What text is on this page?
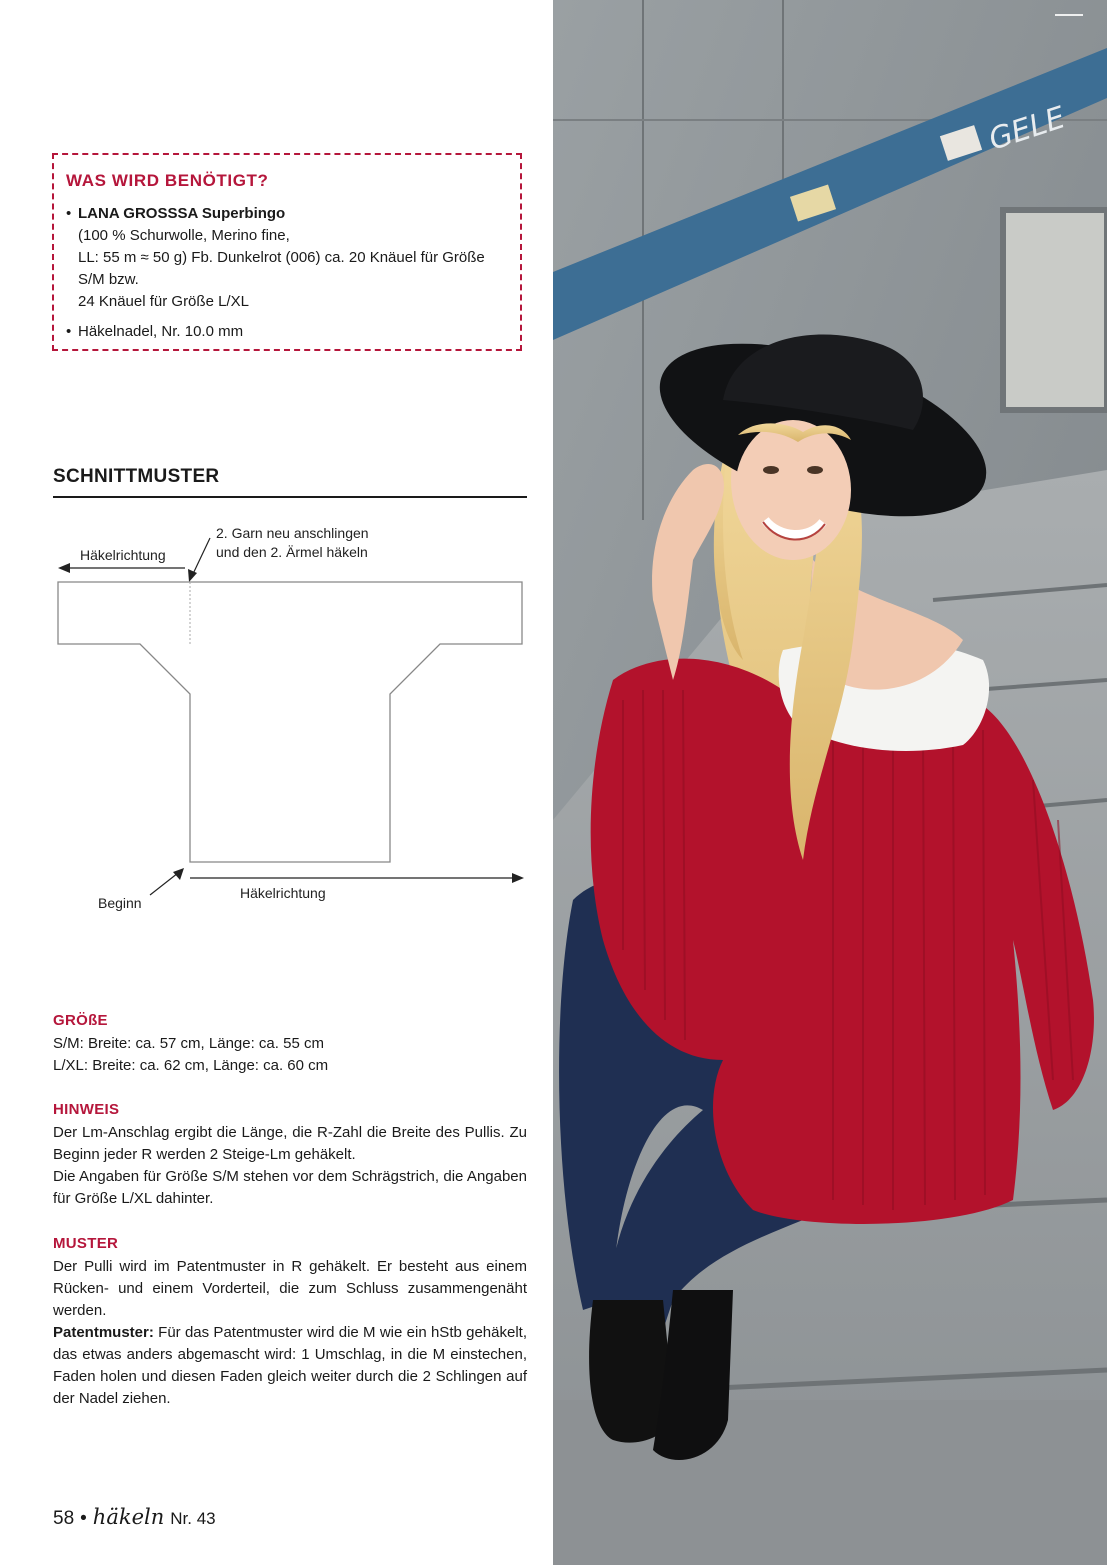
WAS WIRD BENÖTIGT?
• LANA GROSSSA Superbingo
(100 % Schurwolle, Merino fine,
LL: 55 m ≈ 50 g) Fb. Dunkelrot (006) ca. 20 Knäuel für Größe S/M bzw.
24 Knäuel für Größe L/XL
• Häkelnadel, Nr. 10.0 mm
SCHNITTMUSTER
Häkelrichtung
2. Garn neu anschlingen
und den 2. Ärmel häkeln
Beginn
Häkelrichtung
GRÖßE

S/M: Breite: ca. 57 cm, Länge: ca. 55 cm

L/XL: Breite: ca. 62 cm, Länge: ca. 60 cm

HINWEIS

Der Lm-Anschlag ergibt die Länge, die R-Zahl die Breite des Pullis. Zu Beginn jeder R werden 2 Steige-Lm gehäkelt.

Die Angaben für Größe S/M stehen vor dem Schrägstrich, die Angaben für Größe L/XL dahinter.

MUSTER

Der Pulli wird im Patentmuster in R gehäkelt. Er besteht aus einem Rücken- und einem Vorderteil, die zum Schluss zusammengenäht werden.

Patentmuster: Für das Patentmuster wird die M wie ein hStb gehäkelt, das etwas anders abgemascht wird: 1 Umschlag, in die M einstechen, Faden holen und diesen Faden gleich weiter durch die 2 Schlingen auf der Nadel ziehen.

58 • häkeln Nr. 43
GELE
